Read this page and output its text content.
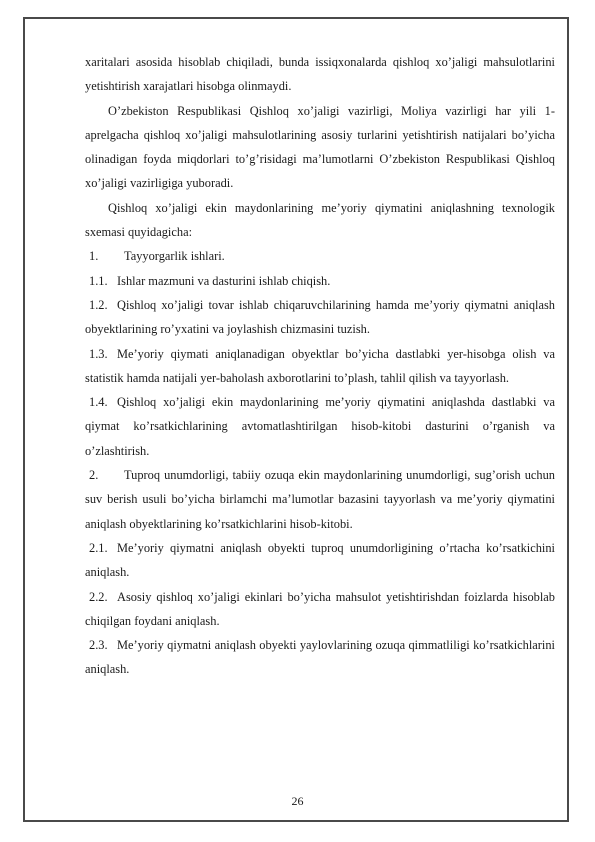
xaritalari asosida hisoblab chiqiladi, bunda issiqxonalarda qishloq xo’jaligi mahsulotlarini yetishtirish xarajatlari hisobga olinmaydi.

O’zbekiston Respublikasi Qishloq xo’jaligi vazirligi, Moliya vazirligi har yili 1-aprelgacha qishloq xo’jaligi mahsulotlarining asosiy turlarini yetishtirish natijalari bo’yicha olinadigan foyda miqdorlari to’g’risidagi ma’lumotlarni O’zbekiston Respublikasi Qishloq xo’jaligi vazirligiga yuboradi.

Qishloq xo’jaligi ekin maydonlarining me’yoriy qiymatini aniqlashning texnologik sxemasi quyidagicha:

1. Tayyorgarlik ishlari.

1.1. Ishlar mazmuni va dasturini ishlab chiqish.

1.2. Qishloq xo’jaligi tovar ishlab chiqaruvchilarining hamda me’yoriy qiymatni aniqlash obyektlarining ro’yxatini va joylashish chizmasini tuzish.

1.3. Me’yoriy qiymati aniqlanadigan obyektlar bo’yicha dastlabki yer-hisobga olish va statistik hamda natijali yer-baholash axborotlarini to’plash, tahlil qilish va tayyorlash.

1.4. Qishloq xo’jaligi ekin maydonlarining me’yoriy qiymatini aniqlashda dastlabki va qiymat ko’rsatkichlarining avtomatlashtirilgan hisob-kitobi dasturini o’rganish va o’zlashtirish.

2. Tuproq unumdorligi, tabiiy ozuqa ekin maydonlarining unumdorligi, sug’orish uchun suv berish usuli bo’yicha birlamchi ma’lumotlar bazasini tayyorlash va me’yoriy qiymatini aniqlash obyektlarining ko’rsatkichlarini hisob-kitobi.

2.1. Me’yoriy qiymatni aniqlash obyekti tuproq unumdorligining o’rtacha ko’rsatkichini aniqlash.

2.2. Asosiy qishloq xo’jaligi ekinlari bo’yicha mahsulot yetishtirishdan foizlarda hisoblab chiqilgan foydani aniqlash.

2.3. Me’yoriy qiymatni aniqlash obyekti yaylovlarining ozuqa qimmatliligi ko’rsatkichlarini aniqlash.

26
